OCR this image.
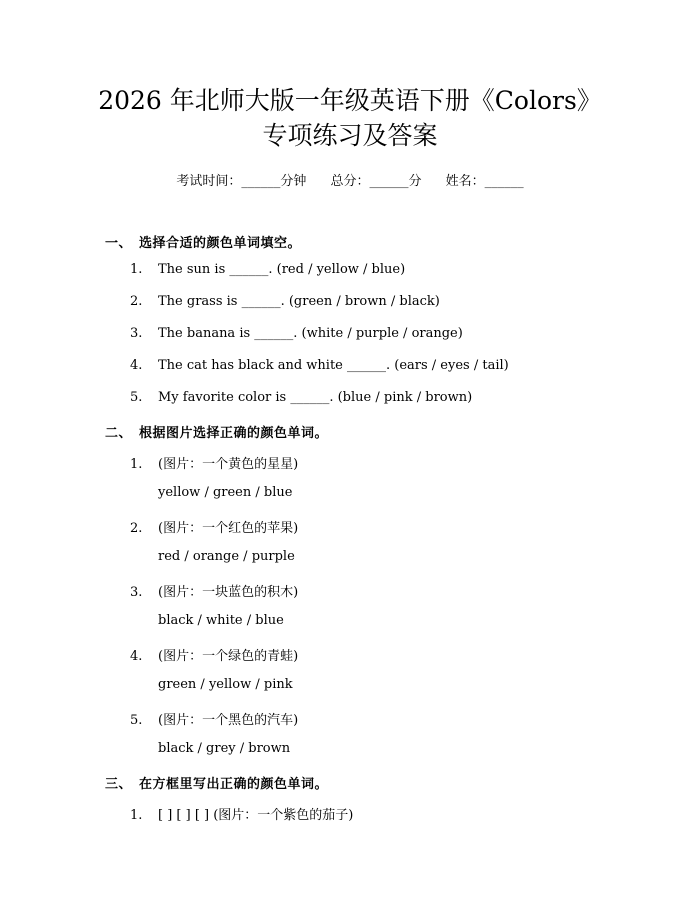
2026 年北师大版一年级英语下册《Colors》
专项练习及答案
考试时间：______分钟 总分：______分 姓名：______
一、 选择合适的颜色单词填空。
1. The sun is ______. (red / yellow / blue)
2. The grass is ______. (green / brown / black)
3. The banana is ______. (white / purple / orange)
4. The cat has black and white ______. (ears / eyes / tail)
5. My favorite color is ______. (blue / pink / brown)
二、 根据图片选择正确的颜色单词。
1. (图片：一个黄色的星星)
yellow / green / blue
2. (图片：一个红色的苹果)
red / orange / purple
3. (图片：一块蓝色的积木)
black / white / blue
4. (图片：一个绿色的青蛙)
green / yellow / pink
5. (图片：一个黑色的汽车)
black / grey / brown
三、 在方框里写出正确的颜色单词。
1. [ ] [ ] [ ] (图片：一个紫色的茄子)
